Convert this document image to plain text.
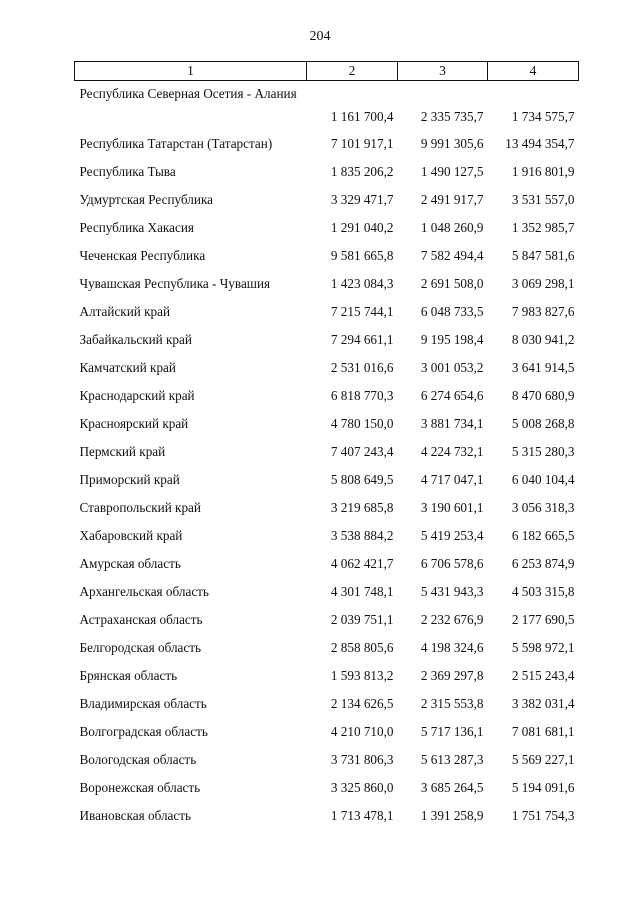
204
1	2	3	4
Республика Северная Осетия - Алания	1 161 700,4	2 335 735,7	1 734 575,7
Республика Татарстан (Татарстан)	7 101 917,1	9 991 305,6	13 494 354,7
Республика Тыва	1 835 206,2	1 490 127,5	1 916 801,9
Удмуртская Республика	3 329 471,7	2 491 917,7	3 531 557,0
Республика Хакасия	1 291 040,2	1 048 260,9	1 352 985,7
Чеченская Республика	9 581 665,8	7 582 494,4	5 847 581,6
Чувашская Республика - Чувашия	1 423 084,3	2 691 508,0	3 069 298,1
Алтайский край	7 215 744,1	6 048 733,5	7 983 827,6
Забайкальский край	7 294 661,1	9 195 198,4	8 030 941,2
Камчатский край	2 531 016,6	3 001 053,2	3 641 914,5
Краснодарский край	6 818 770,3	6 274 654,6	8 470 680,9
Красноярский край	4 780 150,0	3 881 734,1	5 008 268,8
Пермский край	7 407 243,4	4 224 732,1	5 315 280,3
Приморский край	5 808 649,5	4 717 047,1	6 040 104,4
Ставропольский край	3 219 685,8	3 190 601,1	3 056 318,3
Хабаровский край	3 538 884,2	5 419 253,4	6 182 665,5
Амурская область	4 062 421,7	6 706 578,6	6 253 874,9
Архангельская область	4 301 748,1	5 431 943,3	4 503 315,8
Астраханская область	2 039 751,1	2 232 676,9	2 177 690,5
Белгородская область	2 858 805,6	4 198 324,6	5 598 972,1
Брянская область	1 593 813,2	2 369 297,8	2 515 243,4
Владимирская область	2 134 626,5	2 315 553,8	3 382 031,4
Волгоградская область	4 210 710,0	5 717 136,1	7 081 681,1
Вологодская область	3 731 806,3	5 613 287,3	5 569 227,1
Воронежская область	3 325 860,0	3 685 264,5	5 194 091,6
Ивановская область	1 713 478,1	1 391 258,9	1 751 754,3
